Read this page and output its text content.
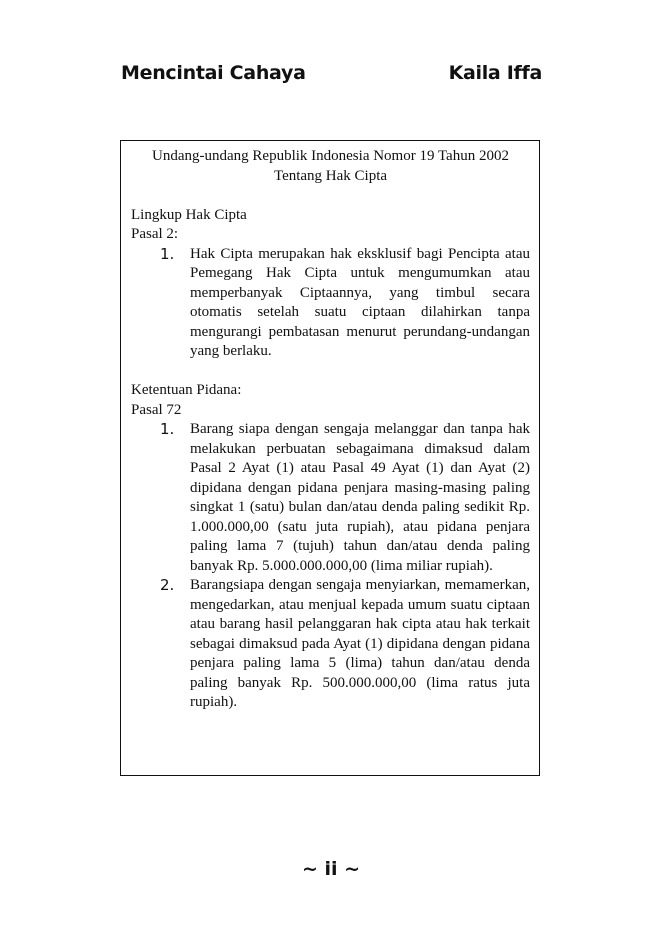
Mencintai Cahaya	Kaila Iffa
Undang-undang Republik Indonesia Nomor 19 Tahun 2002
Tentang Hak Cipta
Lingkup Hak Cipta
Pasal 2:
1.	Hak Cipta merupakan hak eksklusif bagi Pencipta atau Pemegang Hak Cipta untuk mengumumkan atau memperbanyak Ciptaannya, yang timbul secara otomatis setelah suatu ciptaan dilahirkan tanpa mengurangi pembatasan menurut perundang-undangan yang berlaku.
Ketentuan Pidana:
Pasal 72
1.	Barang siapa dengan sengaja melanggar dan tanpa hak melakukan perbuatan sebagaimana dimaksud dalam Pasal 2 Ayat (1) atau Pasal 49 Ayat (1) dan Ayat (2) dipidana dengan pidana penjara masing-masing paling singkat 1 (satu) bulan dan/atau denda paling sedikit Rp. 1.000.000,00 (satu juta rupiah), atau pidana penjara paling lama 7 (tujuh) tahun dan/atau denda paling banyak Rp. 5.000.000.000,00 (lima miliar rupiah).
2.	Barangsiapa dengan sengaja menyiarkan, memamerkan, mengedarkan, atau menjual kepada umum suatu ciptaan atau barang hasil pelanggaran hak cipta atau hak terkait sebagai dimaksud pada Ayat (1) dipidana dengan pidana penjara paling lama 5 (lima) tahun dan/atau denda paling banyak Rp. 500.000.000,00 (lima ratus juta rupiah).
~ ii ~
